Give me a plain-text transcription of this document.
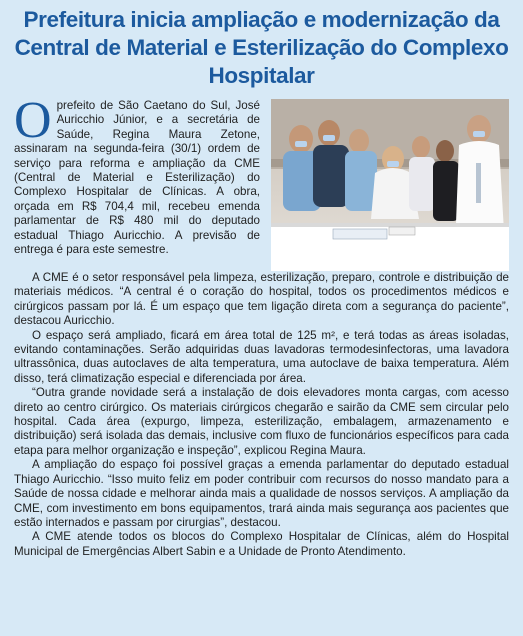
Prefeitura inicia ampliação e modernização da Central de Material e Esterilização do Complexo Hospitalar
O prefeito de São Caetano do Sul, José Auricchio Júnior, e a secretária de Saúde, Regina Maura Zetone, assinaram na segunda-feira (30/1) ordem de serviço para reforma e ampliação da CME (Central de Material e Esterilização) do Complexo Hospitalar de Clínicas. A obra, orçada em R$ 704,4 mil, recebeu emenda parlamentar de R$ 480 mil do deputado estadual Thiago Auricchio. A previsão de entrega é para este semestre.

A CME é o setor responsável pela limpeza, esterilização, preparo, controle e distribuição de materiais médicos. “A central é o coração do hospital, todos os procedimentos médicos e cirúrgicos passam por lá. É um espaço que tem ligação direta com a segurança do paciente”, destacou Auricchio.

O espaço será ampliado, ficará em área total de 125 m², e terá todas as áreas isoladas, evitando contaminações. Serão adquiridas duas lavadoras termodesinfectoras, uma lavadora ultrassônica, duas autoclaves de alta temperatura, uma autoclave de baixa temperatura. Além disso, terá climatização especial e diferenciada por área.

“Outra grande novidade será a instalação de dois elevadores monta cargas, com acesso direto ao centro cirúrgico. Os materiais cirúrgicos chegarão e sairão da CME sem circular pelo hospital. Cada área (expurgo, limpeza, esterilização, embalagem, armazenamento e distribuição) será isolada das demais, inclusive com fluxo de funcionários específicos para cada etapa para melhor organização e inspeção”, explicou Regina Maura.

A ampliação do espaço foi possível graças a emenda parlamentar do deputado estadual Thiago Auricchio. “Isso muito feliz em poder contribuir com recursos do nosso mandato para a Saúde de nossa cidade e melhorar ainda mais a qualidade de nossos serviços. A ampliação da CME, com investimento em bons equipamentos, trará ainda mais segurança aos pacientes que estão internados e passam por cirurgias”, destacou.

A CME atende todos os blocos do Complexo Hospitalar de Clínicas, além do Hospital Municipal de Emergências Albert Sabin e a Unidade de Pronto Atendimento.
